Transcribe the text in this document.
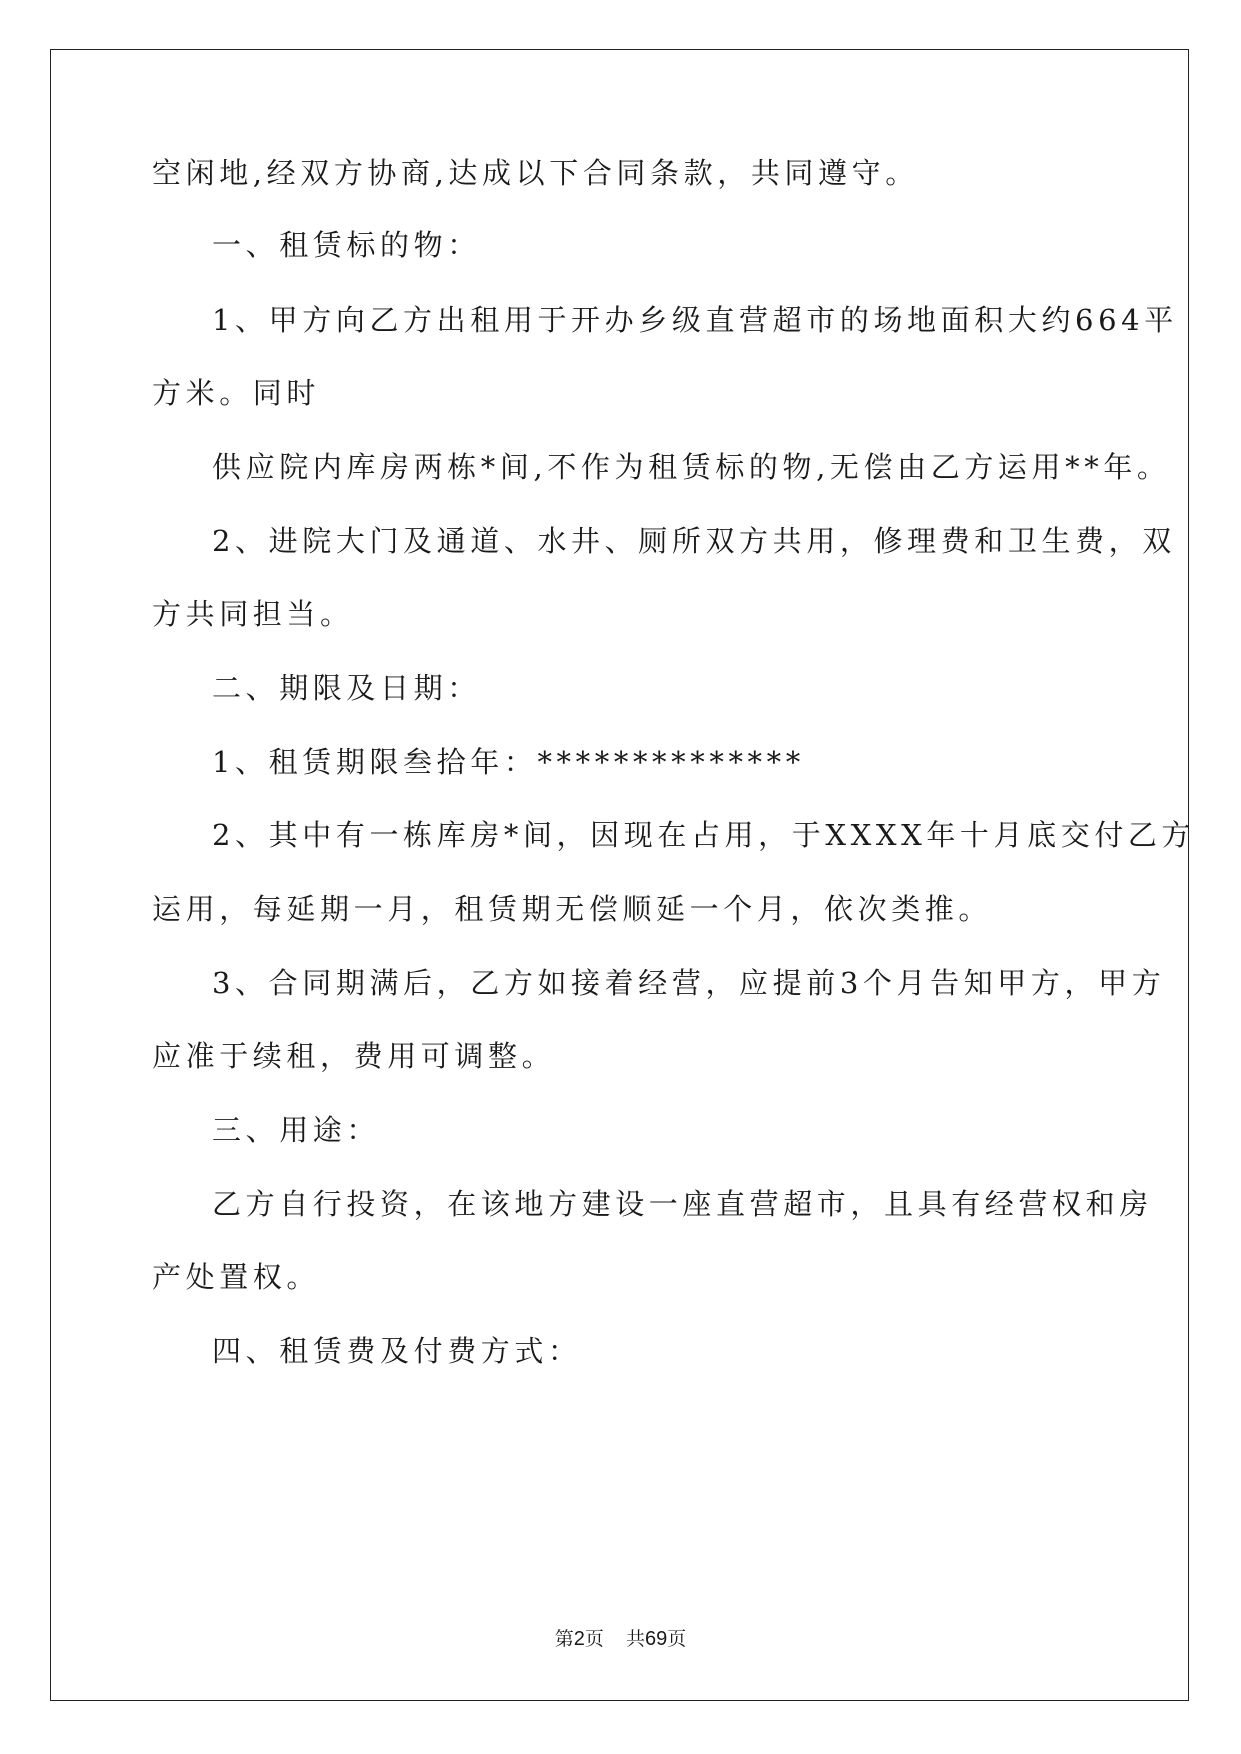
空闲地,经双方协商,达成以下合同条款，共同遵守。
一、租赁标的物：
1、甲方向乙方出租用于开办乡级直营超市的场地面积大约664平
方米。同时
供应院内库房两栋*间,不作为租赁标的物,无偿由乙方运用**年。
2、进院大门及通道、水井、厕所双方共用，修理费和卫生费，双
方共同担当。
二、期限及日期：
1、租赁期限叁拾年：**************
2、其中有一栋库房*间，因现在占用，于XXXX年十月底交付乙方
运用，每延期一月，租赁期无偿顺延一个月，依次类推。
3、合同期满后，乙方如接着经营，应提前3个月告知甲方，甲方
应准于续租，费用可调整。
三、用途：
乙方自行投资，在该地方建设一座直营超市，且具有经营权和房
产处置权。
四、租赁费及付费方式：
第2页 共69页
